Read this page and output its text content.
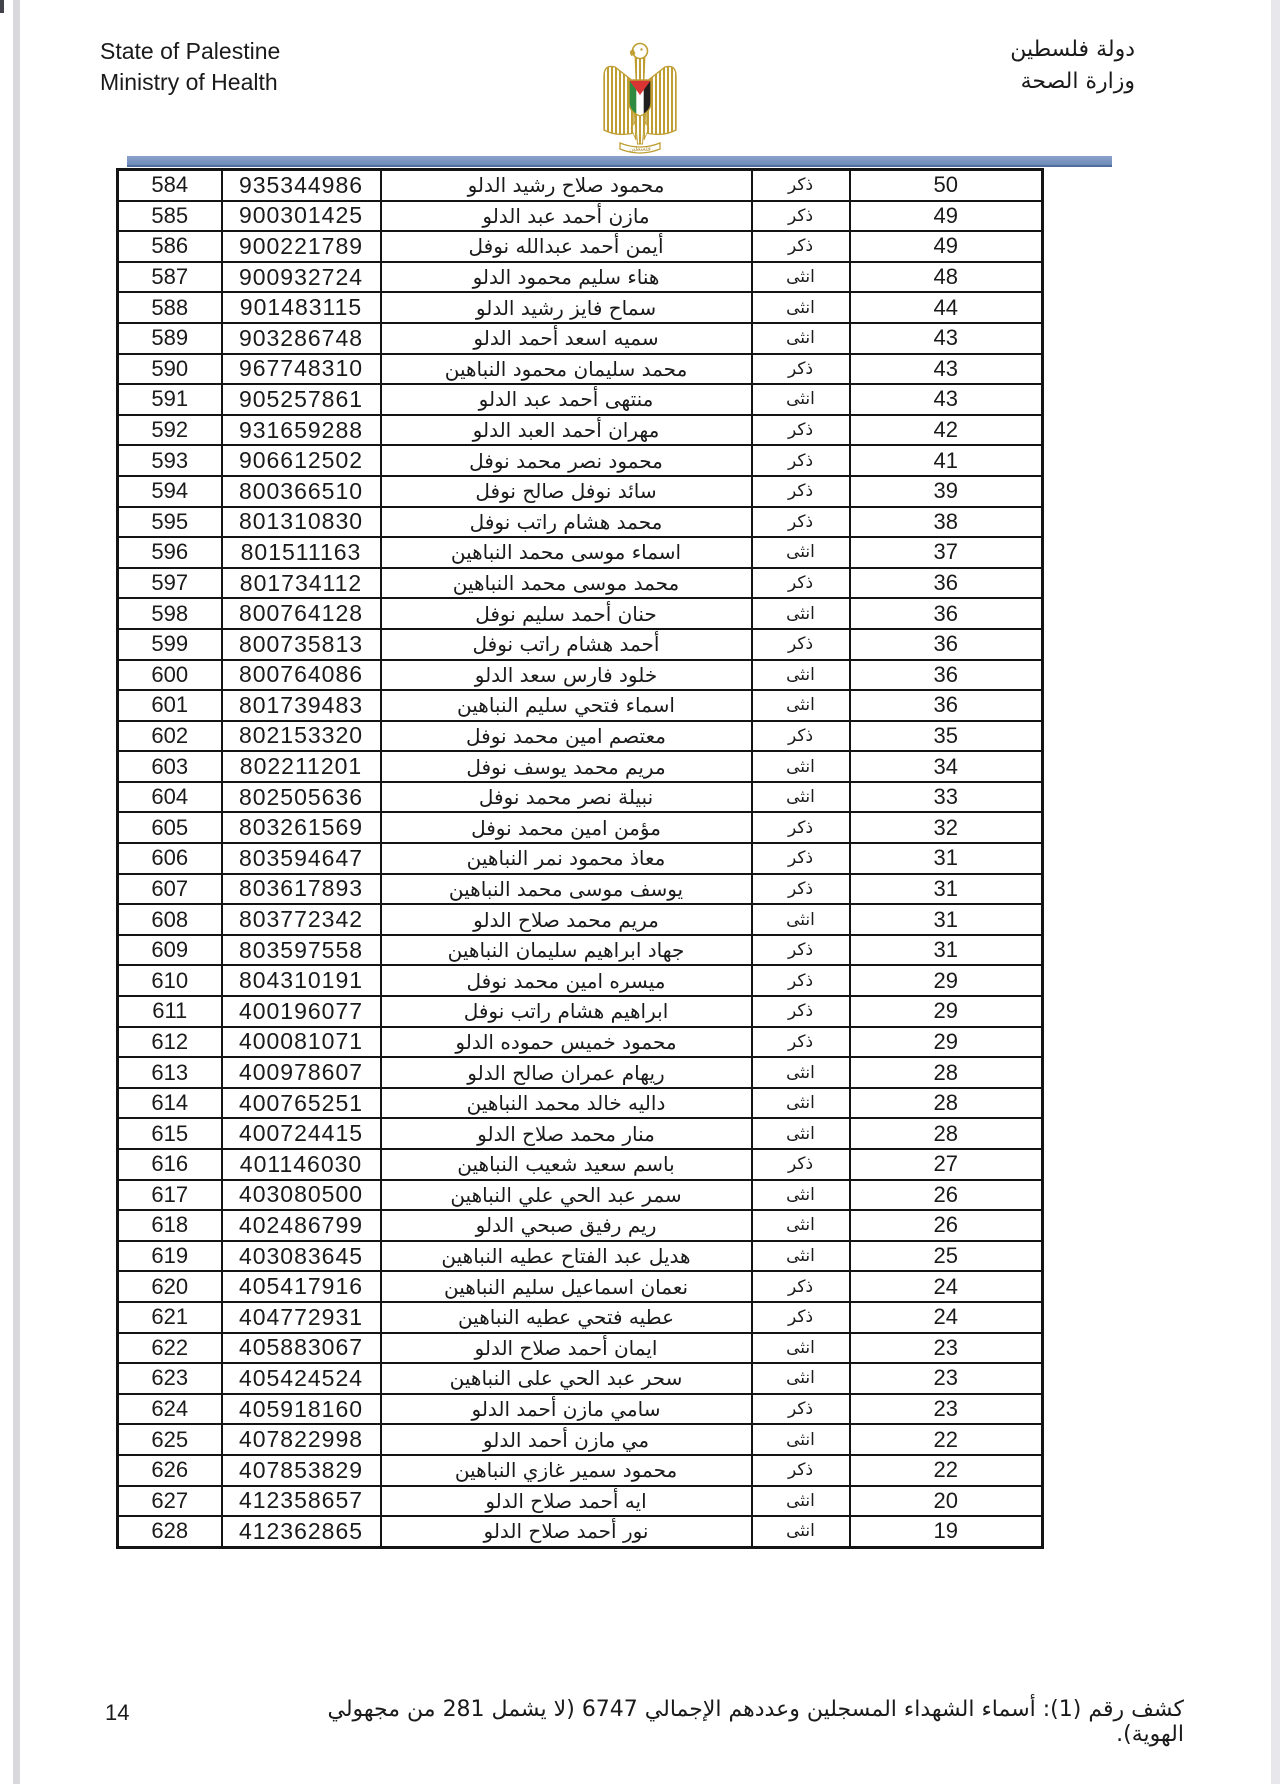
State of Palestine
Ministry of Health
فلسطين
دولة فلسطين
وزارة الصحة
584	935344986	محمود صلاح رشيد الدلو	ذكر	50
585	900301425	مازن أحمد عبد الدلو	ذكر	49
586	900221789	أيمن أحمد عبدالله نوفل	ذكر	49
587	900932724	هناء سليم محمود الدلو	انثى	48
588	901483115	سماح فايز رشيد الدلو	انثى	44
589	903286748	سميه اسعد أحمد الدلو	انثى	43
590	967748310	محمد سليمان محمود النباهين	ذكر	43
591	905257861	منتهى أحمد عبد الدلو	انثى	43
592	931659288	مهران أحمد العبد الدلو	ذكر	42
593	906612502	محمود نصر محمد نوفل	ذكر	41
594	800366510	سائد نوفل صالح نوفل	ذكر	39
595	801310830	محمد هشام راتب نوفل	ذكر	38
596	801511163	اسماء موسى محمد النباهين	انثى	37
597	801734112	محمد موسى محمد النباهين	ذكر	36
598	800764128	حنان أحمد سليم نوفل	انثى	36
599	800735813	أحمد هشام راتب نوفل	ذكر	36
600	800764086	خلود فارس سعد الدلو	انثى	36
601	801739483	اسماء فتحي سليم النباهين	انثى	36
602	802153320	معتصم امين محمد نوفل	ذكر	35
603	802211201	مريم محمد يوسف نوفل	انثى	34
604	802505636	نبيلة نصر محمد نوفل	انثى	33
605	803261569	مؤمن امين محمد نوفل	ذكر	32
606	803594647	معاذ محمود نمر النباهين	ذكر	31
607	803617893	يوسف موسى محمد النباهين	ذكر	31
608	803772342	مريم محمد صلاح الدلو	انثى	31
609	803597558	جهاد ابراهيم سليمان النباهين	ذكر	31
610	804310191	ميسره امين محمد نوفل	ذكر	29
611	400196077	ابراهيم هشام راتب نوفل	ذكر	29
612	400081071	محمود خميس حموده الدلو	ذكر	29
613	400978607	ريهام عمران صالح الدلو	انثى	28
614	400765251	داليه خالد محمد النباهين	انثى	28
615	400724415	منار محمد صلاح الدلو	انثى	28
616	401146030	باسم سعيد شعيب النباهين	ذكر	27
617	403080500	سمر عبد الحي علي النباهين	انثى	26
618	402486799	ريم رفيق صبحي الدلو	انثى	26
619	403083645	هديل عبد الفتاح عطيه النباهين	انثى	25
620	405417916	نعمان اسماعيل سليم النباهين	ذكر	24
621	404772931	عطيه فتحي عطيه النباهين	ذكر	24
622	405883067	ايمان أحمد صلاح الدلو	انثى	23
623	405424524	سحر عبد الحي على النباهين	انثى	23
624	405918160	سامي مازن أحمد الدلو	ذكر	23
625	407822998	مي مازن أحمد الدلو	انثى	22
626	407853829	محمود سمير غازي النباهين	ذكر	22
627	412358657	ايه أحمد صلاح الدلو	انثى	20
628	412362865	نور أحمد صلاح الدلو	انثى	19
14	كشف رقم (1): أسماء الشهداء المسجلين وعددهم الإجمالي 6747 (لا يشمل 281 من مجهولي الهوية).
